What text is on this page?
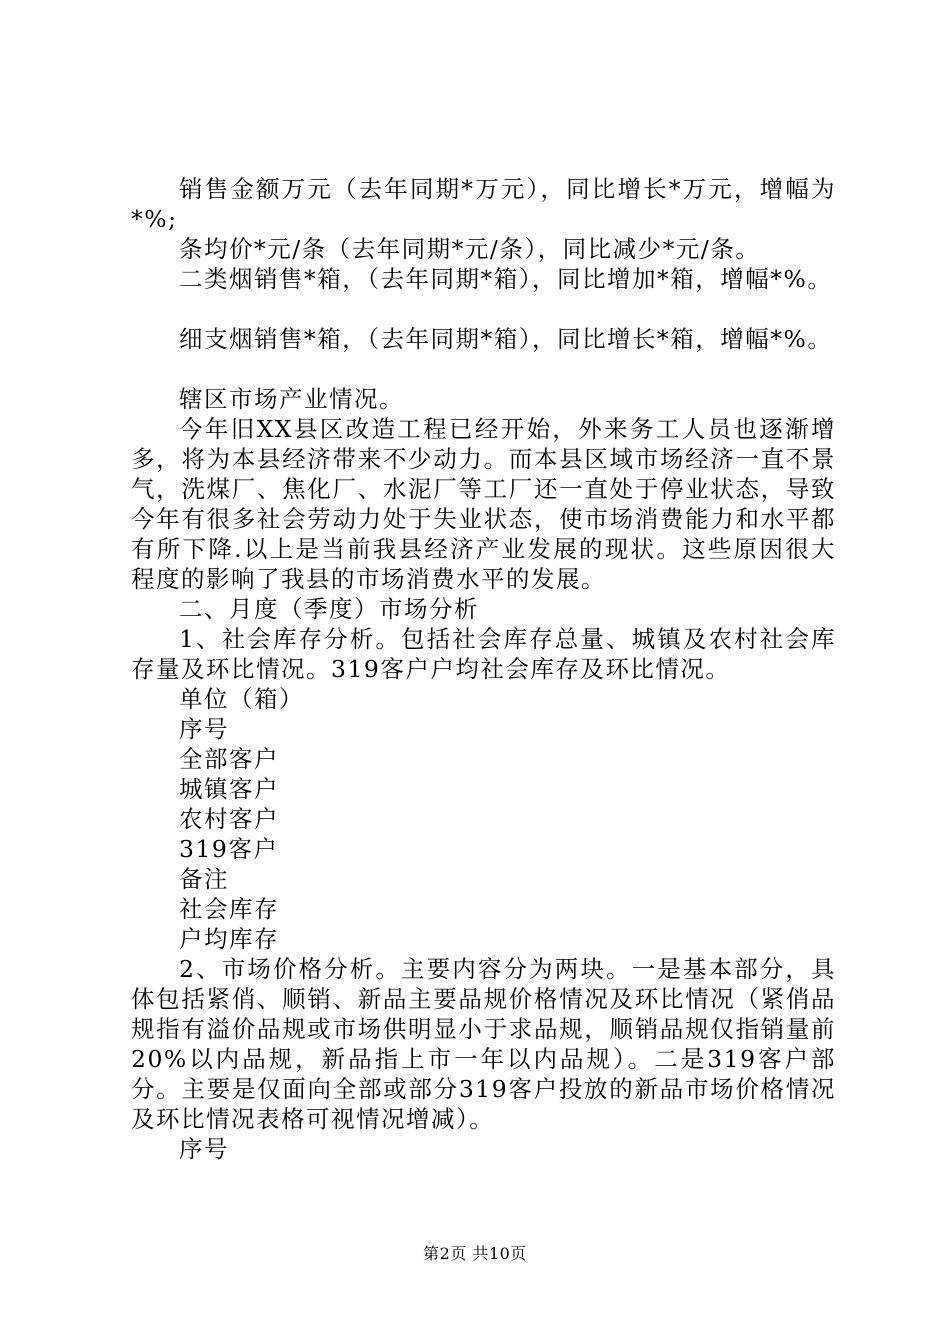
销售金额万元（去年同期*万元），同比增长*万元，增幅为*%;

条均价*元/条（去年同期*元/条），同比减少*元/条。

二类烟销售*箱，（去年同期*箱），同比增加*箱，增幅*%。

细支烟销售*箱，（去年同期*箱），同比增长*箱，增幅*%。

辖区市场产业情况。

今年旧XX县区改造工程已经开始，外来务工人员也逐渐增多，将为本县经济带来不少动力。而本县区域市场经济一直不景气，洗煤厂、焦化厂、水泥厂等工厂还一直处于停业状态，导致今年有很多社会劳动力处于失业状态，使市场消费能力和水平都有所下降.以上是当前我县经济产业发展的现状。这些原因很大程度的影响了我县的市场消费水平的发展。

二、月度（季度）市场分析

1、社会库存分析。包括社会库存总量、城镇及农村社会库存量及环比情况。319客户户均社会库存及环比情况。

单位（箱）

序号

全部客户

城镇客户

农村客户

319客户

备注

社会库存

户均库存

2、市场价格分析。主要内容分为两块。一是基本部分，具体包括紧俏、顺销、新品主要品规价格情况及环比情况（紧俏品规指有溢价品规或市场供明显小于求品规，顺销品规仅指销量前20%以内品规，新品指上市一年以内品规）。二是319客户部分。主要是仅面向全部或部分319客户投放的新品市场价格情况及环比情况表格可视情况增减）。

序号

第2页 共10页
